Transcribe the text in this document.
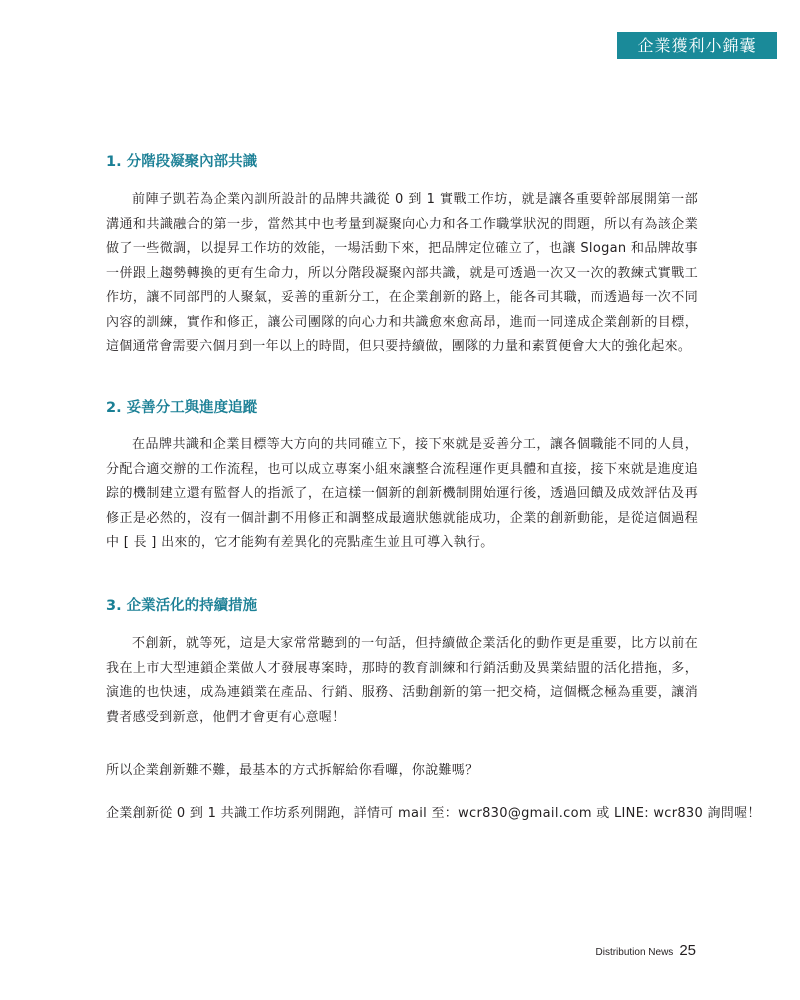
企業獲利小錦囊
1. 分階段凝聚內部共識

前陣子凱若為企業內訓所設計的品牌共識從 0 到 1 實戰工作坊，就是讓各重要幹部展開第一部溝通和共識融合的第一步，當然其中也考量到凝聚向心力和各工作職掌狀況的問題，所以有為該企業做了一些微調，以提昇工作坊的效能，一場活動下來，把品牌定位確立了，也讓 Slogan 和品牌故事一併跟上趨勢轉換的更有生命力，所以分階段凝聚內部共識，就是可透過一次又一次的教練式實戰工作坊，讓不同部門的人聚氣，妥善的重新分工，在企業創新的路上，能各司其職，而透過每一次不同內容的訓練，實作和修正，讓公司團隊的向心力和共識愈來愈高昂，進而一同達成企業創新的目標，這個通常會需要六個月到一年以上的時間，但只要持續做，團隊的力量和素質便會大大的強化起來。

2. 妥善分工與進度追蹤

在品牌共識和企業目標等大方向的共同確立下，接下來就是妥善分工，讓各個職能不同的人員，分配合適交辦的工作流程，也可以成立專案小組來讓整合流程運作更具體和直接，接下來就是進度追踪的機制建立還有監督人的指派了，在這樣一個新的創新機制開始運行後，透過回饋及成效評估及再修正是必然的，沒有一個計劃不用修正和調整成最適狀態就能成功，企業的創新動能，是從這個過程中 [ 長 ] 出來的，它才能夠有差異化的亮點產生並且可導入執行。

3. 企業活化的持續措施

不創新，就等死，這是大家常常聽到的一句話，但持續做企業活化的動作更是重要，比方以前在我在上市大型連鎖企業做人才發展專案時，那時的教育訓練和行銷活動及異業結盟的活化措拖，多，演進的也快速，成為連鎖業在產品、行銷、服務、活動創新的第一把交椅，這個概念極為重要，讓消費者感受到新意，他們才會更有心意喔！

所以企業創新難不難，最基本的方式拆解給你看囉，你說難嗎？

企業創新從 0 到 1 共識工作坊系列開跑，詳情可 mail 至：wcr830@gmail.com 或 LINE: wcr830 詢問喔！

Distribution News 25
